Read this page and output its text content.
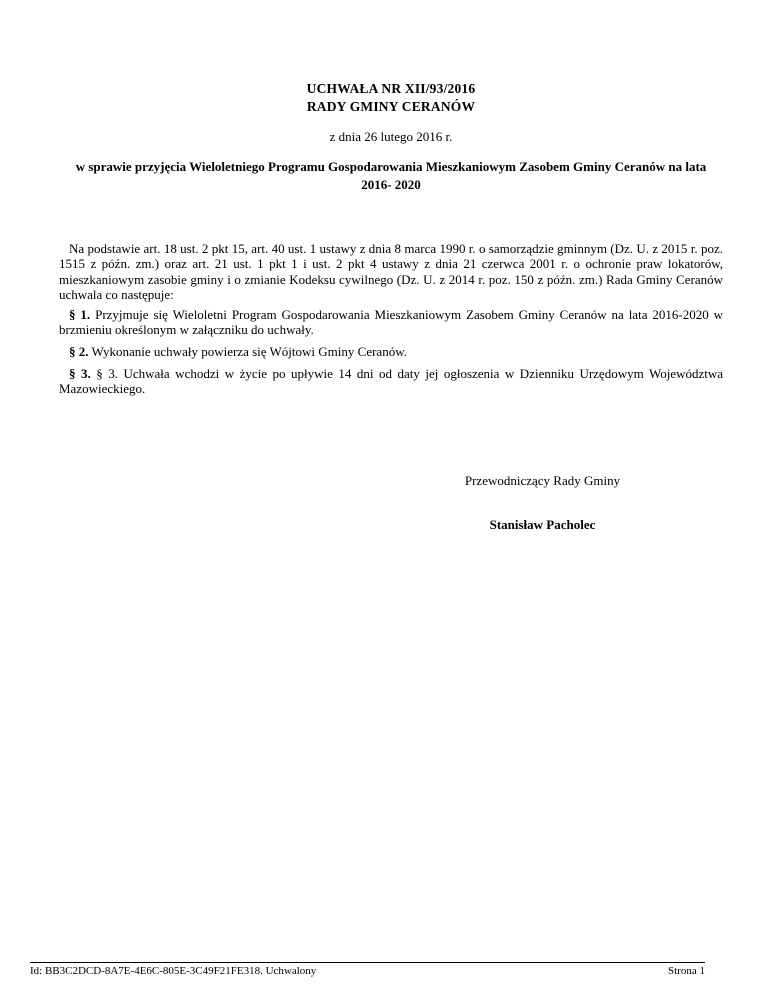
UCHWAŁA NR XII/93/2016
RADY GMINY CERANÓW
z dnia 26 lutego 2016 r.
w sprawie przyjęcia Wieloletniego Programu Gospodarowania Mieszkaniowym Zasobem Gminy Ceranów na lata 2016- 2020

Na podstawie art. 18 ust. 2 pkt 15, art. 40 ust. 1 ustawy z dnia 8 marca 1990 r. o samorządzie gminnym (Dz. U. z 2015 r. poz. 1515 z późn. zm.) oraz art. 21 ust. 1 pkt 1 i ust. 2 pkt 4 ustawy z dnia 21 czerwca 2001 r. o ochronie praw lokatorów, mieszkaniowym zasobie gminy i o zmianie Kodeksu cywilnego (Dz. U. z 2014 r. poz. 150 z późn. zm.) Rada Gminy Ceranów uchwala co następuje:

§ 1. Przyjmuje się Wieloletni Program Gospodarowania Mieszkaniowym Zasobem Gminy Ceranów na lata 2016-2020 w brzmieniu określonym w załączniku do uchwały.

§ 2. Wykonanie uchwały powierza się Wójtowi Gminy Ceranów.

§ 3. § 3. Uchwała wchodzi w życie po upływie 14 dni od daty jej ogłoszenia w Dzienniku Urzędowym Województwa Mazowieckiego.

Przewodniczący Rady Gminy
Stanisław Pacholec
Id: BB3C2DCD-8A7E-4E6C-805E-3C49F21FE318. Uchwalony	Strona 1
